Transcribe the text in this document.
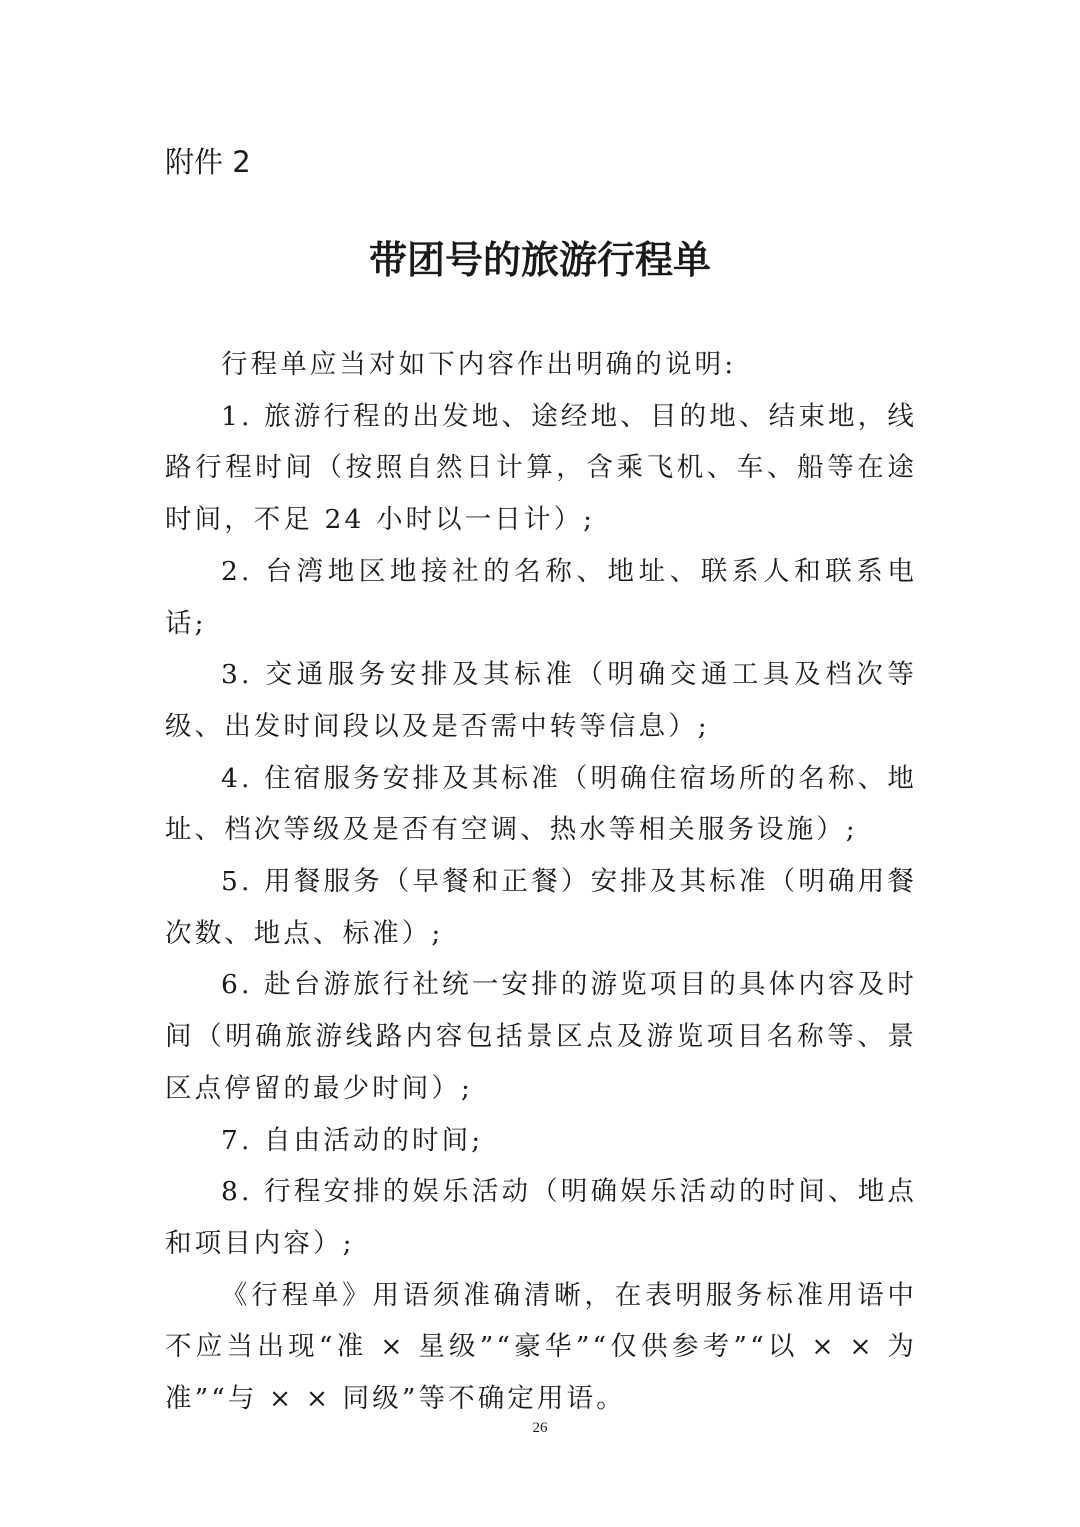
附件 2

带团号的旅游行程单

行程单应当对如下内容作出明确的说明:

1. 旅游行程的出发地、途经地、目的地、结束地，线路行程时间（按照自然日计算，含乘飞机、车、船等在途时间，不足 24 小时以一日计）;

2. 台湾地区地接社的名称、地址、联系人和联系电话;

3. 交通服务安排及其标准（明确交通工具及档次等级、出发时间段以及是否需中转等信息）;

4. 住宿服务安排及其标准（明确住宿场所的名称、地址、档次等级及是否有空调、热水等相关服务设施）;

5. 用餐服务（早餐和正餐）安排及其标准（明确用餐次数、地点、标准）;

6. 赴台游旅行社统一安排的游览项目的具体内容及时间（明确旅游线路内容包括景区点及游览项目名称等、景区点停留的最少时间）;

7. 自由活动的时间;

8. 行程安排的娱乐活动（明确娱乐活动的时间、地点和项目内容）;

《行程单》用语须准确清晰，在表明服务标准用语中不应当出现“准 × 星级”“豪华”“仅供参考”“以 × × 为准”“与 × × 同级”等不确定用语。

26
